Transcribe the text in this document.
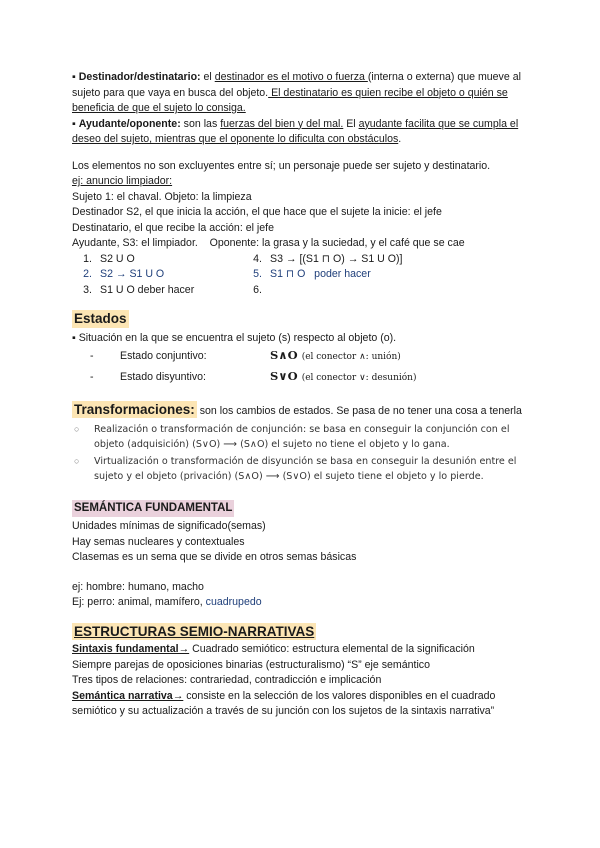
▪ Destinador/destinatario: el destinador es el motivo o fuerza (interna o externa) que mueve al sujeto para que vaya en busca del objeto. El destinatario es quien recibe el objeto o quién se beneficia de que el sujeto lo consiga.

▪ Ayudante/oponente: son las fuerzas del bien y del mal. El ayudante facilita que se cumpla el deseo del sujeto, mientras que el oponente lo dificulta con obstáculos.

Los elementos no son excluyentes entre sí; un personaje puede ser sujeto y destinatario.

ej: anuncio limpiador:

Sujeto 1: el chaval. Objeto: la limpieza

Destinador S2, el que inicia la acción, el que hace que el sujete la inicie: el jefe

Destinatario, el que recibe la acción: el jefe

Ayudante, S3: el limpiador.    Oponente: la grasa y la suciedad, y el café que se cae

1. S2 U O	4. S3 → [(S1 ⊓ O) → S1 U O)]
2. S2 → S1 U O	5. S1 ⊓ O   poder hacer
3. S1 U O deber hacer	6.
Estados

▪ Situación en la que se encuentra el sujeto (s) respecto al objeto (o).

-	Estado conjuntivo:	S∧O (el conector ∧: unión)
-	Estado disyuntivo:	S∨O (el conector ∨: desunión)

Transformaciones: son los cambios de estados. Se pasa de no tener una cosa a tenerla

○	Realización o transformación de conjunción: se basa en conseguir la conjunción con el objeto (adquisición) (S∨O) ⟶ (S∧O) el sujeto no tiene el objeto y lo gana.
○	Virtualización o transformación de disyunción se basa en conseguir la desunión entre el sujeto y el objeto (privación) (S∧O) ⟶ (S∨O) el sujeto tiene el objeto y lo pierde.
SEMÁNTICA FUNDAMENTAL

Unidades mínimas de significado(semas)

Hay semas nucleares y contextuales

Clasemas es un sema que se divide en otros semas básicas

ej: hombre: humano, macho

Ej: perro: animal, mamífero, cuadrupedo

ESTRUCTURAS SEMIO-NARRATIVAS

Sintaxis fundamental→ Cuadrado semiótico: estructura elemental de la significación

Siempre parejas de oposiciones binarias (estructuralismo) “S” eje semántico

Tres tipos de relaciones: contrariedad, contradicción e implicación

Semántica narrativa→ consiste en la selección de los valores disponibles en el cuadrado semiótico y su actualización a través de su junción con los sujetos de la sintaxis narrativa”
